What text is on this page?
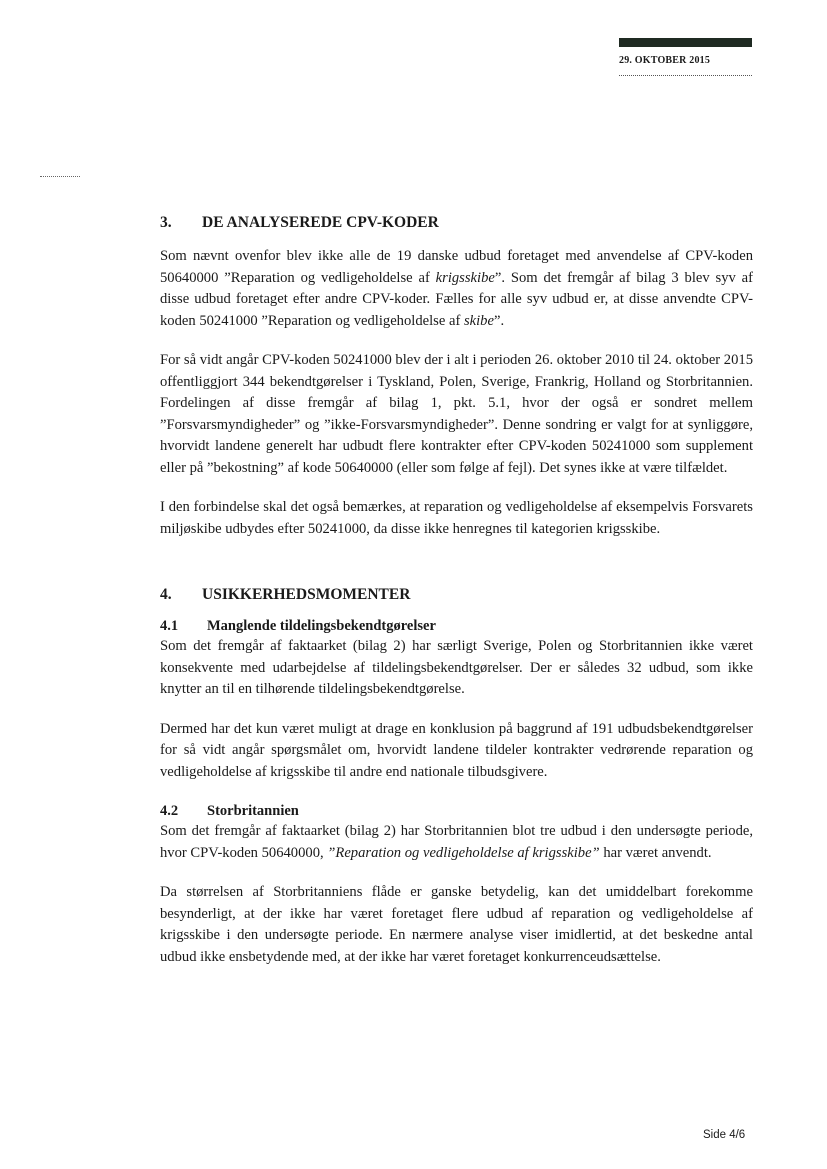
29. OKTOBER 2015
3. DE ANALYSEREDE CPV-KODER

Som nævnt ovenfor blev ikke alle de 19 danske udbud foretaget med anvendelse af CPV-koden 50640000 ”Reparation og vedligeholdelse af krigsskibe”. Som det fremgår af bilag 3 blev syv af disse udbud foretaget efter andre CPV-koder. Fælles for alle syv udbud er, at disse anvendte CPV-koden 50241000 ”Reparation og vedligeholdelse af skibe”.

For så vidt angår CPV-koden 50241000 blev der i alt i perioden 26. oktober 2010 til 24. oktober 2015 offentliggjort 344 bekendtgørelser i Tyskland, Polen, Sverige, Frankrig, Holland og Storbritannien. Fordelingen af disse fremgår af bilag 1, pkt. 5.1, hvor der også er sondret mellem ”Forsvarsmyndigheder” og ”ikke-Forsvarsmyndigheder”. Denne sondring er valgt for at synliggøre, hvorvidt landene generelt har udbudt flere kontrakter efter CPV-koden 50241000 som supplement eller på ”bekostning” af kode 50640000 (eller som følge af fejl). Det synes ikke at være tilfældet.

I den forbindelse skal det også bemærkes, at reparation og vedligeholdelse af eksempelvis Forsvarets miljøskibe udbydes efter 50241000, da disse ikke henregnes til kategorien krigsskibe.

4. USIKKERHEDSMOMENTER
4.1 Manglende tildelingsbekendtgørelser

Som det fremgår af faktaarket (bilag 2) har særligt Sverige, Polen og Storbritannien ikke været konsekvente med udarbejdelse af tildelingsbekendtgørelser. Der er således 32 udbud, som ikke knytter an til en tilhørende tildelingsbekendtgørelse.

Dermed har det kun været muligt at drage en konklusion på baggrund af 191 udbudsbekendtgørelser for så vidt angår spørgsmålet om, hvorvidt landene tildeler kontrakter vedrørende reparation og vedligeholdelse af krigsskibe til andre end nationale tilbudsgivere.

4.2 Storbritannien

Som det fremgår af faktaarket (bilag 2) har Storbritannien blot tre udbud i den undersøgte periode, hvor CPV-koden 50640000, ”Reparation og vedligeholdelse af krigsskibe” har været anvendt.

Da størrelsen af Storbritanniens flåde er ganske betydelig, kan det umiddelbart forekomme besynderligt, at der ikke har været foretaget flere udbud af reparation og vedligeholdelse af krigsskibe i den undersøgte periode. En nærmere analyse viser imidlertid, at det beskedne antal udbud ikke ensbetydende med, at der ikke har været foretaget konkurrenceudsættelse.

Side 4/6
